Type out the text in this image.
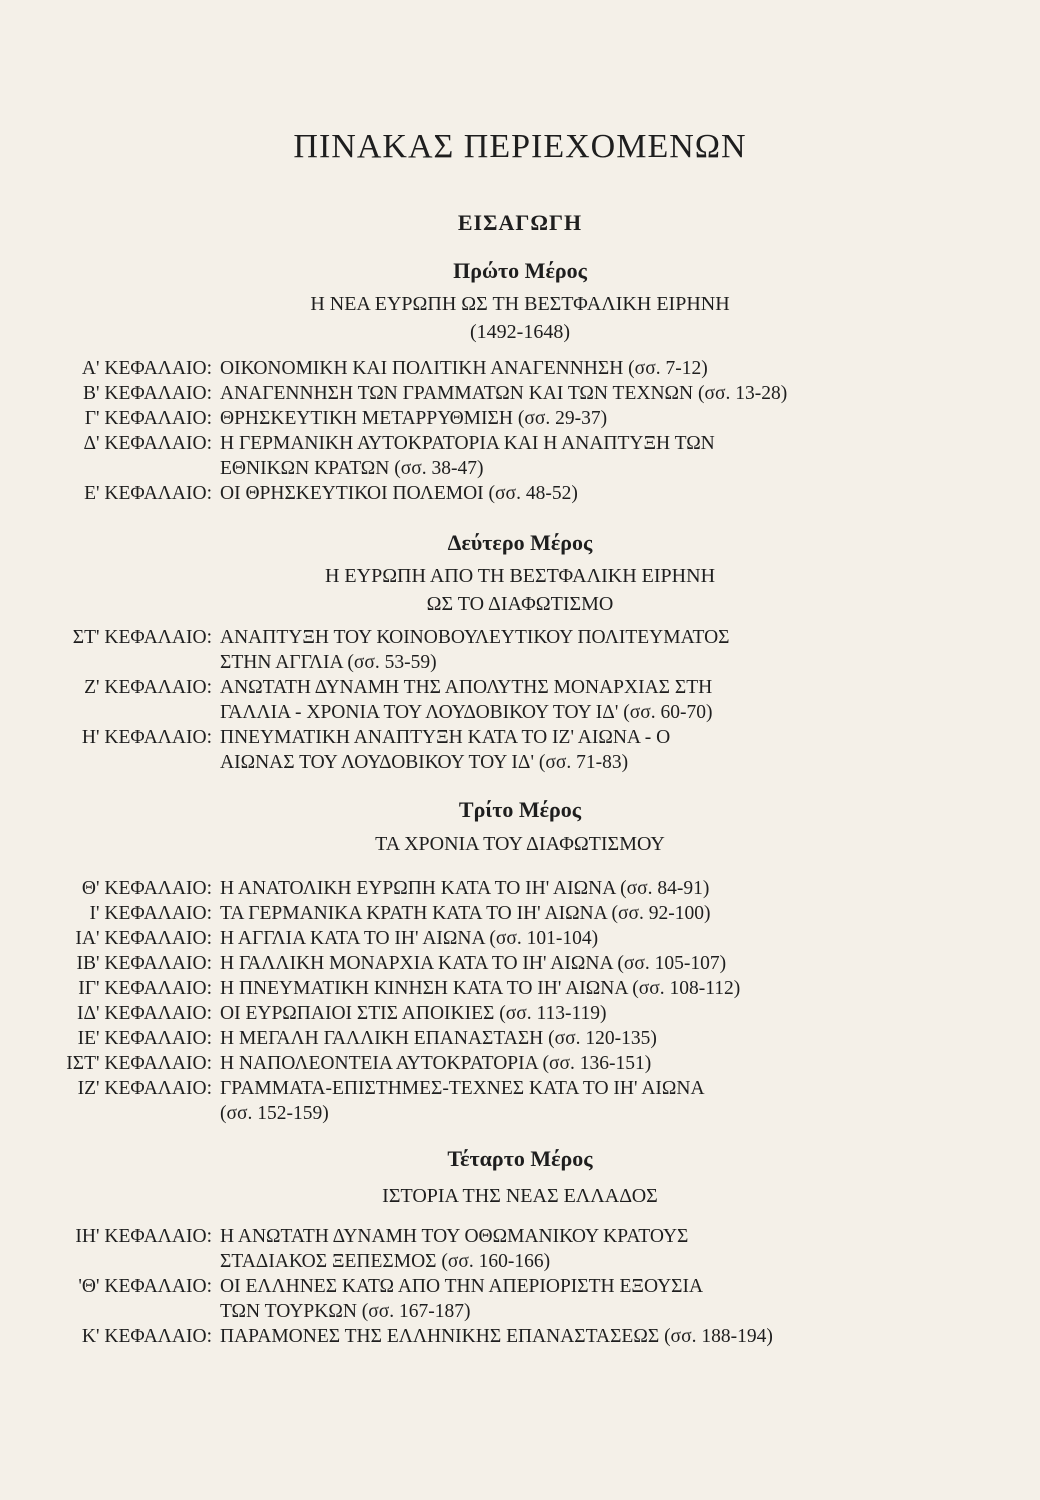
ΠΙΝΑΚΑΣ ΠΕΡΙΕΧΟΜΕΝΩΝ
ΕΙΣΑΓΩΓΗ
Πρώτο Μέρος
Η ΝΕΑ ΕΥΡΩΠΗ ΩΣ ΤΗ ΒΕΣΤΦΑΛΙΚΗ ΕΙΡΗΝΗ
(1492-1648)
Α' ΚΕΦΑΛΑΙΟ: ΟΙΚΟΝΟΜΙΚΗ ΚΑΙ ΠΟΛΙΤΙΚΗ ΑΝΑΓΕΝΝΗΣΗ (σσ. 7-12)
Β' ΚΕΦΑΛΑΙΟ: ΑΝΑΓΕΝΝΗΣΗ ΤΩΝ ΓΡΑΜΜΑΤΩΝ ΚΑΙ ΤΩΝ ΤΕΧΝΩΝ (σσ. 13-28)
Γ' ΚΕΦΑΛΑΙΟ: ΘΡΗΣΚΕΥΤΙΚΗ ΜΕΤΑΡΡΥΘΜΙΣΗ (σσ. 29-37)
Δ' ΚΕΦΑΛΑΙΟ: Η ΓΕΡΜΑΝΙΚΗ ΑΥΤΟΚΡΑΤΟΡΙΑ ΚΑΙ Η ΑΝΑΠΤΥΞΗ ΤΩΝ
ΕΘΝΙΚΩΝ ΚΡΑΤΩΝ (σσ. 38-47)
Ε' ΚΕΦΑΛΑΙΟ: ΟΙ ΘΡΗΣΚΕΥΤΙΚΟΙ ΠΟΛΕΜΟΙ (σσ. 48-52)
Δεύτερο Μέρος
Η ΕΥΡΩΠΗ ΑΠΟ ΤΗ ΒΕΣΤΦΑΛΙΚΗ ΕΙΡΗΝΗ
ΩΣ ΤΟ ΔΙΑΦΩΤΙΣΜΟ
ΣΤ' ΚΕΦΑΛΑΙΟ: ΑΝΑΠΤΥΞΗ ΤΟΥ ΚΟΙΝΟΒΟΥΛΕΥΤΙΚΟΥ ΠΟΛΙΤΕΥΜΑΤΟΣ
ΣΤΗΝ ΑΓΓΛΙΑ (σσ. 53-59)
Ζ' ΚΕΦΑΛΑΙΟ: ΑΝΩΤΑΤΗ ΔΥΝΑΜΗ ΤΗΣ ΑΠΟΛΥΤΗΣ ΜΟΝΑΡΧΙΑΣ ΣΤΗ
ΓΑΛΛΙΑ - ΧΡΟΝΙΑ ΤΟΥ ΛΟΥΔΟΒΙΚΟΥ ΤΟΥ ΙΔ' (σσ. 60-70)
Η' ΚΕΦΑΛΑΙΟ: ΠΝΕΥΜΑΤΙΚΗ ΑΝΑΠΤΥΞΗ ΚΑΤΑ ΤΟ ΙΖ' ΑΙΩΝΑ - Ο
ΑΙΩΝΑΣ ΤΟΥ ΛΟΥΔΟΒΙΚΟΥ ΤΟΥ ΙΔ' (σσ. 71-83)
Τρίτο Μέρος
ΤΑ ΧΡΟΝΙΑ ΤΟΥ ΔΙΑΦΩΤΙΣΜΟΥ
Θ' ΚΕΦΑΛΑΙΟ: Η ΑΝΑΤΟΛΙΚΗ ΕΥΡΩΠΗ ΚΑΤΑ ΤΟ ΙΗ' ΑΙΩΝΑ (σσ. 84-91)
Ι' ΚΕΦΑΛΑΙΟ: ΤΑ ΓΕΡΜΑΝΙΚΑ ΚΡΑΤΗ ΚΑΤΑ ΤΟ ΙΗ' ΑΙΩΝΑ (σσ. 92-100)
ΙΑ' ΚΕΦΑΛΑΙΟ: Η ΑΓΓΛΙΑ ΚΑΤΑ ΤΟ ΙΗ' ΑΙΩΝΑ (σσ. 101-104)
ΙΒ' ΚΕΦΑΛΑΙΟ: Η ΓΑΛΛΙΚΗ ΜΟΝΑΡΧΙΑ ΚΑΤΑ ΤΟ ΙΗ' ΑΙΩΝΑ (σσ. 105-107)
ΙΓ' ΚΕΦΑΛΑΙΟ: Η ΠΝΕΥΜΑΤΙΚΗ ΚΙΝΗΣΗ ΚΑΤΑ ΤΟ ΙΗ' ΑΙΩΝΑ (σσ. 108-112)
ΙΔ' ΚΕΦΑΛΑΙΟ: ΟΙ ΕΥΡΩΠΑΙΟΙ ΣΤΙΣ ΑΠΟΙΚΙΕΣ (σσ. 113-119)
ΙΕ' ΚΕΦΑΛΑΙΟ: Η ΜΕΓΑΛΗ ΓΑΛΛΙΚΗ ΕΠΑΝΑΣΤΑΣΗ (σσ. 120-135)
ΙΣΤ' ΚΕΦΑΛΑΙΟ: Η ΝΑΠΟΛΕΟΝΤΕΙΑ ΑΥΤΟΚΡΑΤΟΡΙΑ (σσ. 136-151)
ΙΖ' ΚΕΦΑΛΑΙΟ: ΓΡΑΜΜΑΤΑ-ΕΠΙΣΤΗΜΕΣ-ΤΕΧΝΕΣ ΚΑΤΑ ΤΟ ΙΗ' ΑΙΩΝΑ
(σσ. 152-159)
Τέταρτο Μέρος
ΙΣΤΟΡΙΑ ΤΗΣ ΝΕΑΣ ΕΛΛΑΔΟΣ
ΙΗ' ΚΕΦΑΛΑΙΟ: Η ΑΝΩΤΑΤΗ ΔΥΝΑΜΗ ΤΟΥ ΟΘΩΜΑΝΙΚΟΥ ΚΡΑΤΟΥΣ
ΣΤΑΔΙΑΚΟΣ ΞΕΠΕΣΜΟΣ (σσ. 160-166)
'Θ' ΚΕΦΑΛΑΙΟ: ΟΙ ΕΛΛΗΝΕΣ ΚΑΤΩ ΑΠΟ ΤΗΝ ΑΠΕΡΙΟΡΙΣΤΗ ΕΞΟΥΣΙΑ
ΤΩΝ ΤΟΥΡΚΩΝ (σσ. 167-187)
Κ' ΚΕΦΑΛΑΙΟ: ΠΑΡΑΜΟΝΕΣ ΤΗΣ ΕΛΛΗΝΙΚΗΣ ΕΠΑΝΑΣΤΑΣΕΩΣ (σσ. 188-194)
